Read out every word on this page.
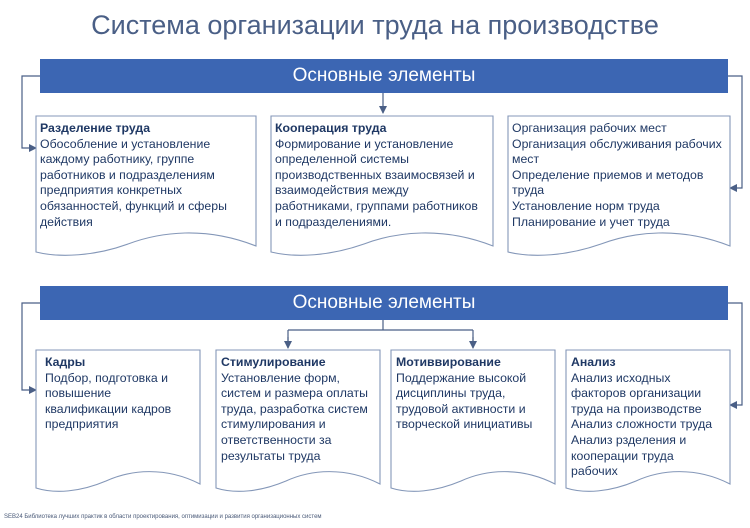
Система организации труда на производстве
Основные элементы
Основные элементы
Разделение труда
Обособление и установление
каждому работнику, группе
работников и подразделениям
предприятия конкретных
обязанностей, функций и сферы
действия
Кооперация труда
Формирование и установление
определенной системы
производственных взаимосвязей и
взаимодействия между
работниками, группами работников
и подразделениями.
Организация рабочих мест
Организация обслуживания рабочих
мест
Определение приемов и методов
труда
Установление норм труда
Планирование и учет труда
Кадры
Подбор, подготовка и
повышение
квалификации кадров
предприятия
Стимулирование
Установление форм,
систем и размера оплаты
труда, разработка систем
стимулирования и
ответственности за
результаты труда
Мотиввирование
Поддержание высокой
дисциплины труда,
трудовой активности и
творческой инициативы
Анализ
Анализ исходных
факторов организации
труда на производстве
Анализ сложности труда
Анализ рзделения и
кооперации труда
рабочих
SEB24 Библиотека лучших практик в области проектирования, оптимизации и развития организационных систем
